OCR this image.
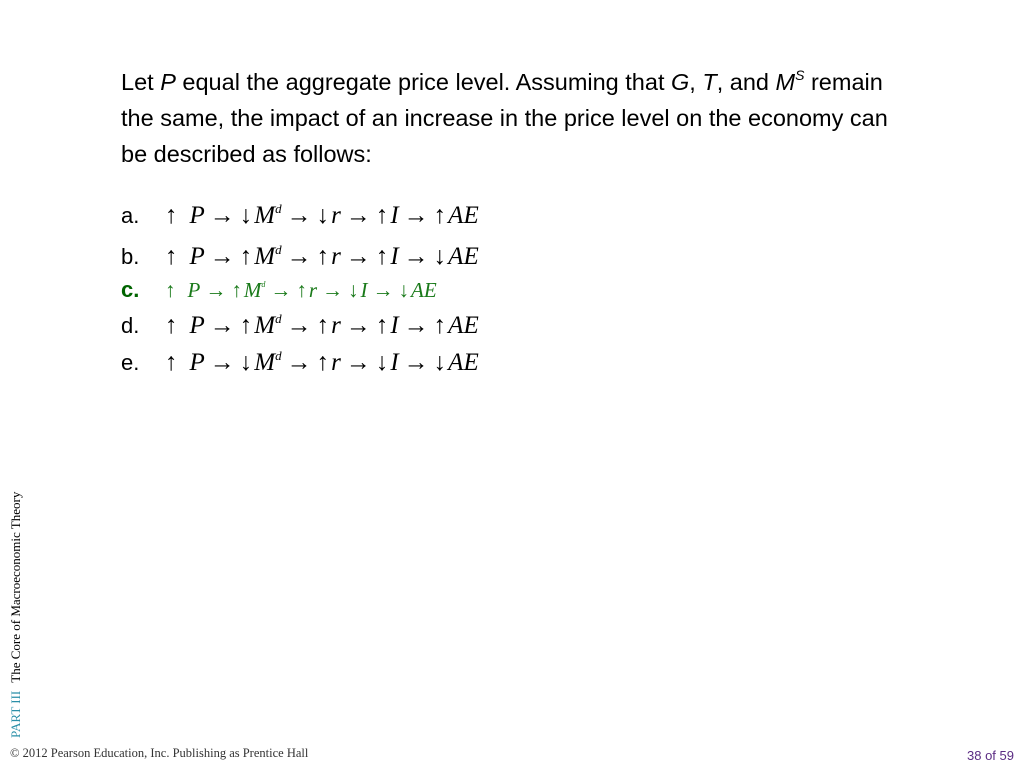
Let P equal the aggregate price level. Assuming that G, T, and $M^S$ remain the same, the impact of an increase in the price level on the economy can be described as follows:
a.	↑ $P \to ↓M^d$ → ↓r → ↑I → ↑AE
b.	↑ $P \to ↑M^d$ → ↑r → ↑I → ↓AE
c.	↑ $P \to ↑M^d$ → ↑r → ↓I → ↓AE
d.	↑ $P \to ↑M^d$ → ↑r → ↑I → ↑AE
e.	↑ $P \to ↓M^d$ → ↑r → ↓I → ↓AE
PART IIIThe Core of Macroeconomic Theory
© 2012 Pearson Education, Inc. Publishing as Prentice Hall	38 of 59
